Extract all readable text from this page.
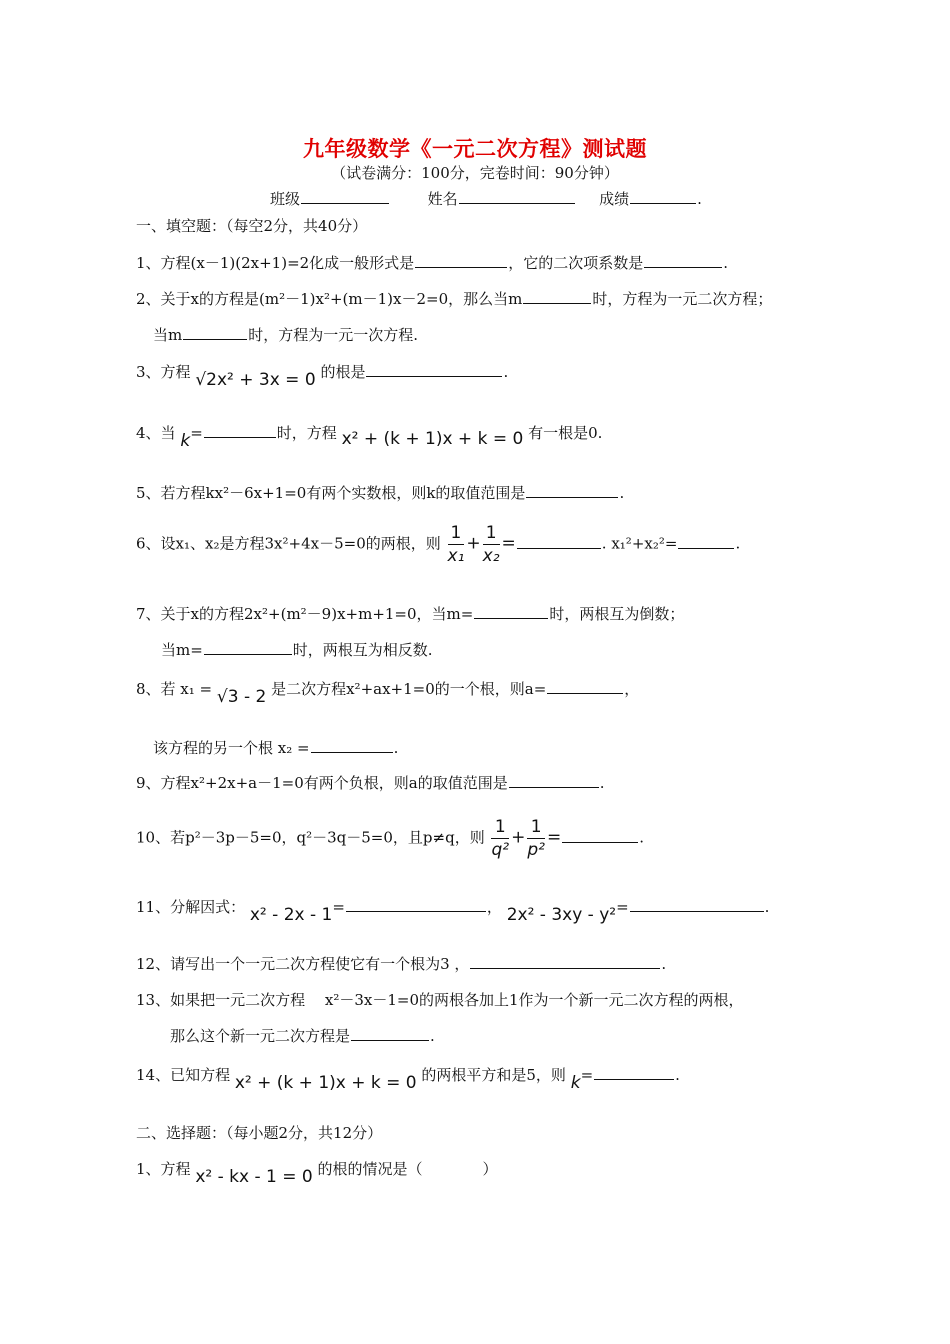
九年级数学《一元二次方程》测试题
（试卷满分：100分，完卷时间：90分钟）
班级	姓名	成绩	.
一、填空题：（每空2分，共40分）
1、方程(x－1)(2x+1)=2化成一般形式是	，它的二次项系数是	.
2、关于x的方程是(m²－1)x²+(m－1)x－2=0，那么当m	时，方程为一元二次方程；
当m	时，方程为一元一次方程.
3、方程 √2x² + 3x = 0 的根是	.
4、当 k=	时，方程 x² + (k + 1)x + k = 0 有一根是0.
5、若方程kx²－6x+1=0有两个实数根，则k的取值范围是	.
6、设x₁、x₂是方程3x²+4x－5=0的两根，则 $\frac{1}{\text{x₁}} + \frac{1}{\text{x₂}}$ =	. x₁²+x₂²=	.
7、关于x的方程2x²+(m²－9)x+m+1=0，当m=	时，两根互为倒数；
当m=	时，两根互为相反数.
8、若 x₁ = √3 - 2 是二次方程x²+ax+1=0的一个根，则a=	，
该方程的另一个根 x₂ =	.
9、方程x²+2x+a－1=0有两个负根，则a的取值范围是	.
10、若p²－3p－5=0，q²－3q－5=0，且p≠q，则 $\frac{1}{\text{q²}} + \frac{1}{\text{p²}}$ =	.
11、分解因式： x² - 2x - 1=	， 2x² - 3xy - y²=	.
12、请写出一个一元二次方程使它有一个根为3 ，	.
13、如果把一元二次方程　 x²－3x－1=0的两根各加上1作为一个新一元二次方程的两根，
那么这个新一元二次方程是	.
14、已知方程 x² + (k + 1)x + k = 0 的两根平方和是5，则 k=	.
二、选择题：（每小题2分，共12分）
1、方程 x² - kx - 1 = 0 的根的情况是（　　　　）
